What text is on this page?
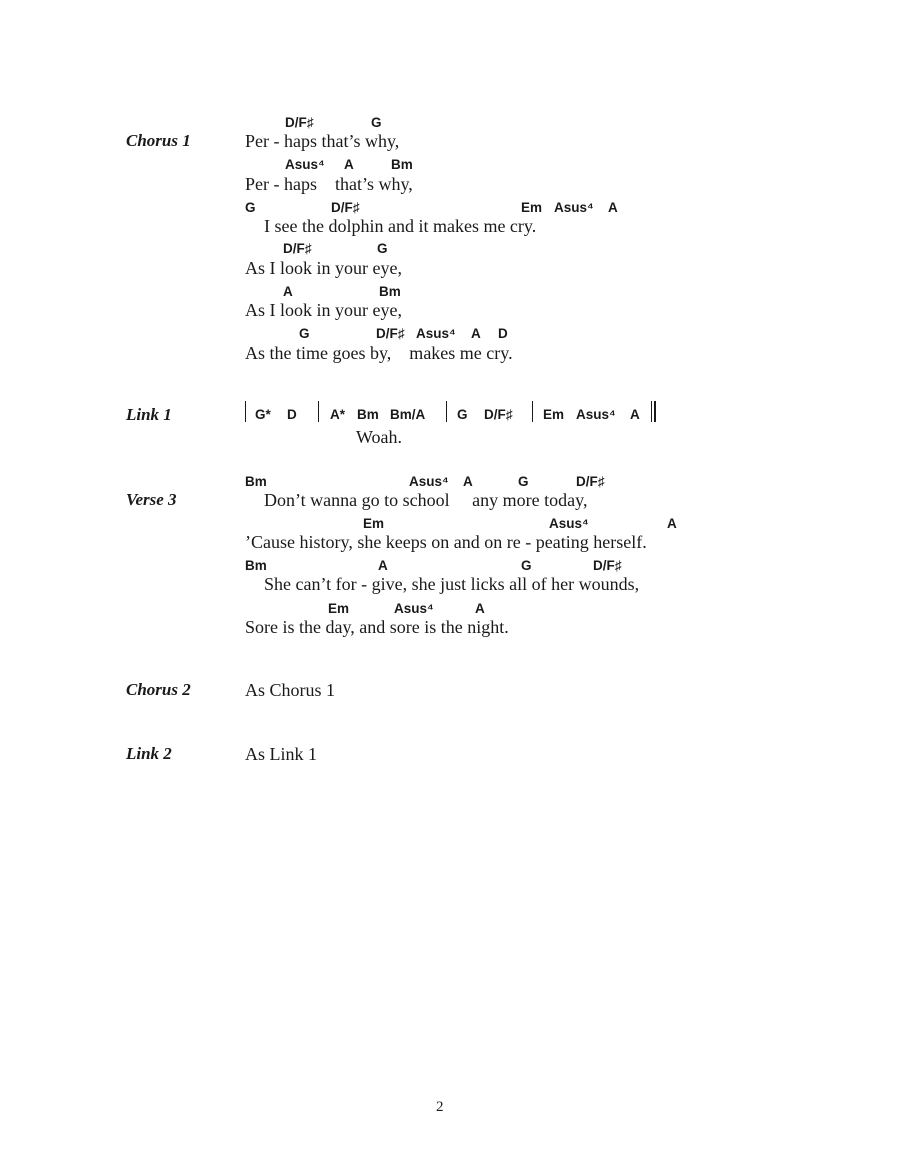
Chorus 1
Link 1
Verse 3
Chorus 2
Link 2
D/F♯	G
Per - haps that’s why,
Asus⁴ A	Bm
Per - haps    that’s why,
G	D/F♯	Em Asus⁴ A
I see the dolphin and it makes me cry.
D/F♯	G
As I look in your eye,
A	Bm
As I look in your eye,
G	D/F♯ Asus⁴ A D
As the time goes by,    makes me cry.
G* D A* Bm Bm/A G D/F♯ Em Asus⁴ A
Woah.
Bm	Asus⁴ A	G	D/F♯
Don’t wanna go to school     any more today,
Em	Asus⁴	A
’Cause history, she keeps on and on re - peating herself.
Bm	A	G	D/F♯
She can’t for - give, she just licks all of her wounds,
Em	Asus⁴	A
Sore is the day, and sore is the night.
As Chorus 1
As Link 1
2
